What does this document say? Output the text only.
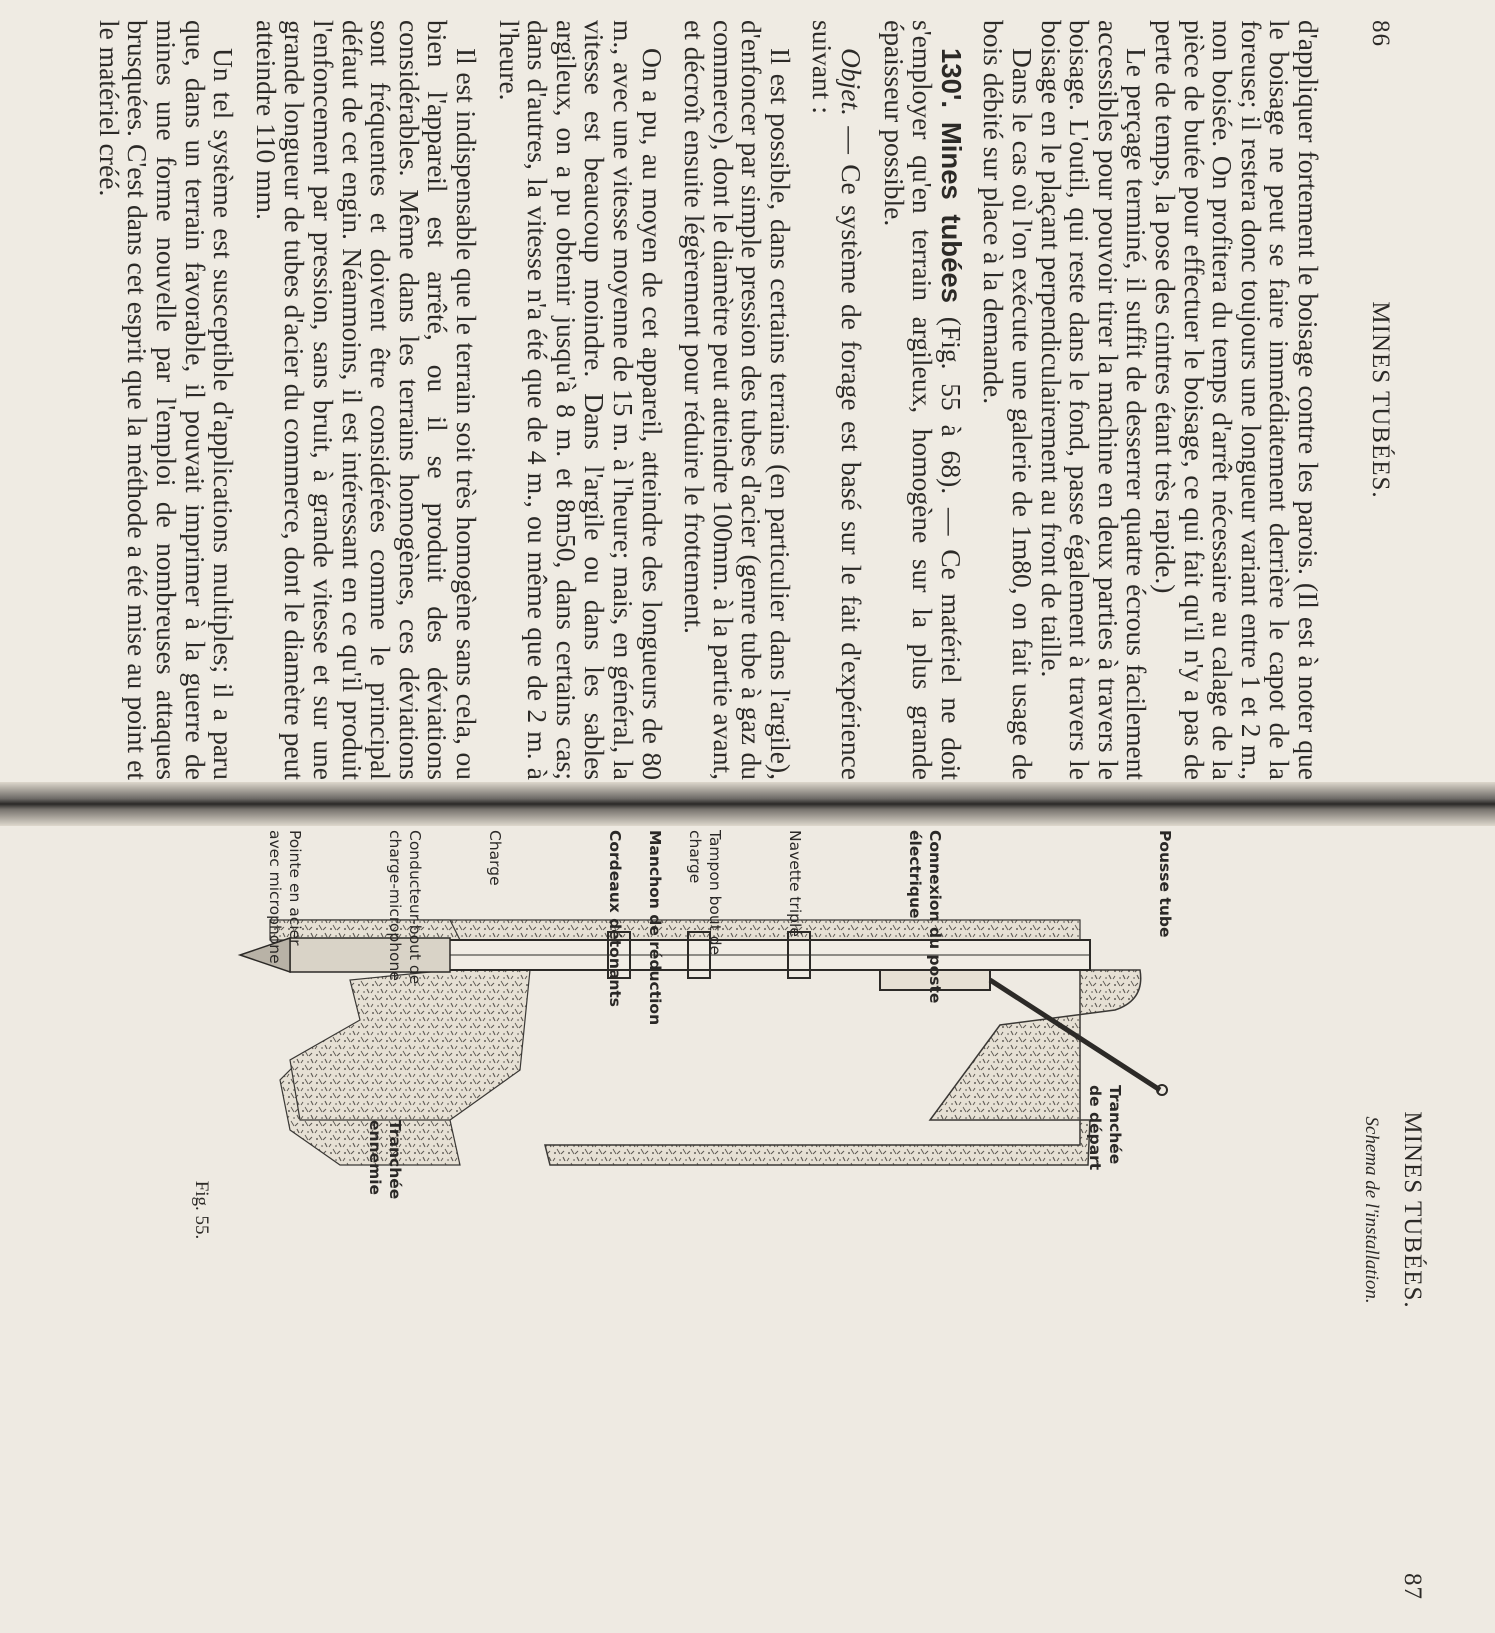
86
MINES TUBÉES.

d'appliquer fortement le boisage contre les parois. (Il est à noter que le boisage ne peut se faire immédiatement derrière le capot de la foreuse; il restera donc toujours une longueur variant entre 1 et 2 m., non boisée. On profitera du temps d'arrêt nécessaire au calage de la pièce de butée pour effectuer le boisage, ce qui fait qu'il n'y a pas de perte de temps, la pose des cintres étant très rapide.)

Le perçage terminé, il suffit de desserrer quatre écrous facilement accessibles pour pouvoir tirer la machine en deux parties à travers le boisage. L'outil, qui reste dans le fond, passe également à travers le boisage en le plaçant perpendiculairement au front de taille.

Dans le cas où l'on exécute une galerie de 1m80, on fait usage de bois débité sur place à la demande.

130'. Mines tubées (Fig. 55 à 68). — Ce matériel ne doit s'employer qu'en terrain argileux, homogène sur la plus grande épaisseur possible.

Objet. — Ce système de forage est basé sur le fait d'expérience suivant :

Il est possible, dans certains terrains (en particulier dans l'argile), d'enfoncer par simple pression des tubes d'acier (genre tube à gaz du commerce), dont le diamètre peut atteindre 100mm. à la partie avant, et décroît ensuite légèrement pour réduire le frottement.

On a pu, au moyen de cet appareil, atteindre des longueurs de 80 m., avec une vitesse moyenne de 15 m. à l'heure; mais, en général, la vitesse est beaucoup moindre. Dans l'argile ou dans les sables argileux, on a pu obtenir jusqu'à 8 m. et 8m50, dans certains cas; dans d'autres, la vitesse n'a été que de 4 m., ou même que de 2 m. à l'heure.

Il est indispensable que le terrain soit très homogène sans cela, ou bien l'appareil est arrêté, ou il se produit des déviations considérables. Même dans les terrains homogènes, ces déviations sont fréquentes et doivent être considérées comme le principal défaut de cet engin. Néanmoins, il est intéressant en ce qu'il produit l'enfoncement par pression, sans bruit, à grande vitesse et sur une grande longueur de tubes d'acier du commerce, dont le diamètre peut atteindre 110 mm.

Un tel système est susceptible d'applications multiples; il a paru que, dans un terrain favorable, il pouvait imprimer à la guerre de mines une forme nouvelle par l'emploi de nombreuses attaques brusquées. C'est dans cet esprit que la méthode a été mise au point et le matériel créé.

MINES TUBÉES.
87
Schema de l'installation.
Tranchée
de départ
Tranchée
ennemie
Pousse tube
Connexion du poste
électrique
Navette triplé
Tampon bout de
charge
Manchon de réduction
Cordeaux détonants
Charge
Conducteur-bout de
charge-microphone
Pointe en acier
avec microphone
Fig. 55.
